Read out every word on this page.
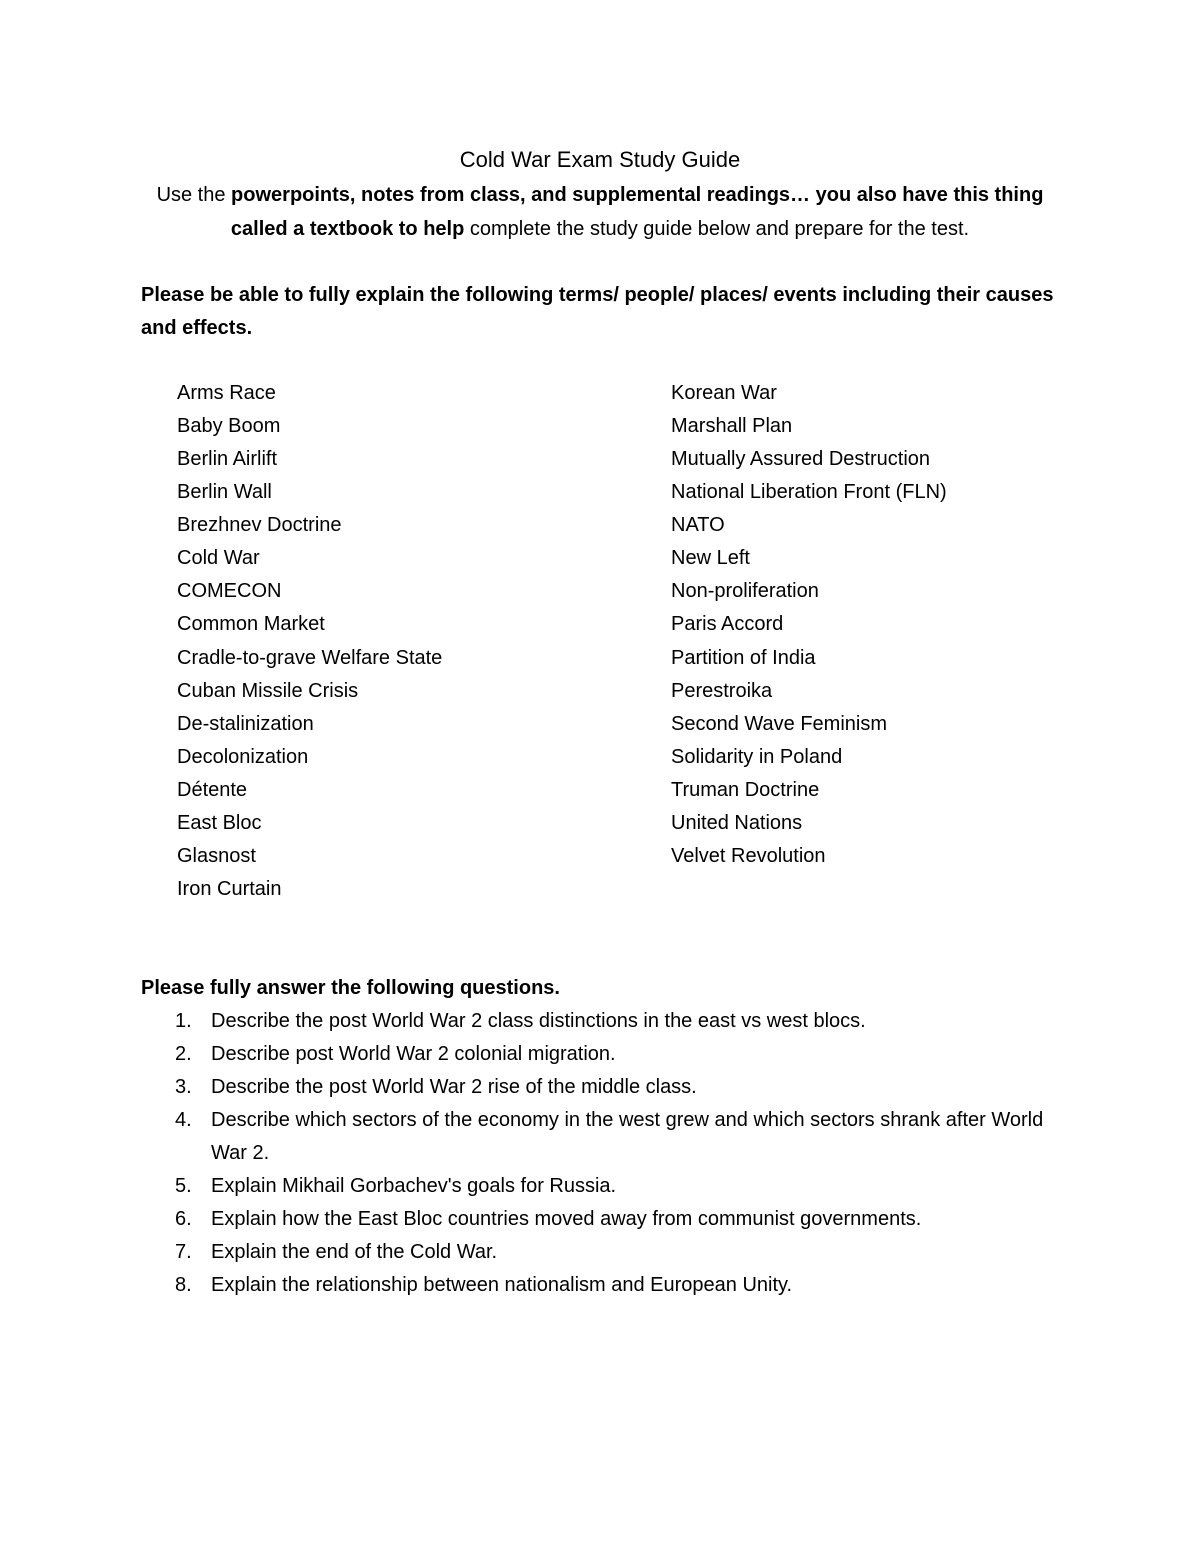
Cold War Exam Study Guide
Use the powerpoints, notes from class, and supplemental readings… you also have this thing called a textbook to help complete the study guide below and prepare for the test.
Please be able to fully explain the following terms/ people/ places/ events including their causes and effects.
Arms Race
Baby Boom
Berlin Airlift
Berlin Wall
Brezhnev Doctrine
Cold War
COMECON
Common Market
Cradle-to-grave Welfare State
Cuban Missile Crisis
De-stalinization
Decolonization
Détente
East Bloc
Glasnost
Iron Curtain
Korean War
Marshall Plan
Mutually Assured Destruction
National Liberation Front (FLN)
NATO
New Left
Non-proliferation
Paris Accord
Partition of India
Perestroika
Second Wave Feminism
Solidarity in Poland
Truman Doctrine
United Nations
Velvet Revolution
Please fully answer the following questions.
1. Describe the post World War 2 class distinctions in the east vs west blocs.
2. Describe post World War 2 colonial migration.
3. Describe the post World War 2 rise of the middle class.
4. Describe which sectors of the economy in the west grew and which sectors shrank after World War 2.
5. Explain Mikhail Gorbachev's goals for Russia.
6. Explain how the East Bloc countries moved away from communist governments.
7. Explain the end of the Cold War.
8. Explain the relationship between nationalism and European Unity.
